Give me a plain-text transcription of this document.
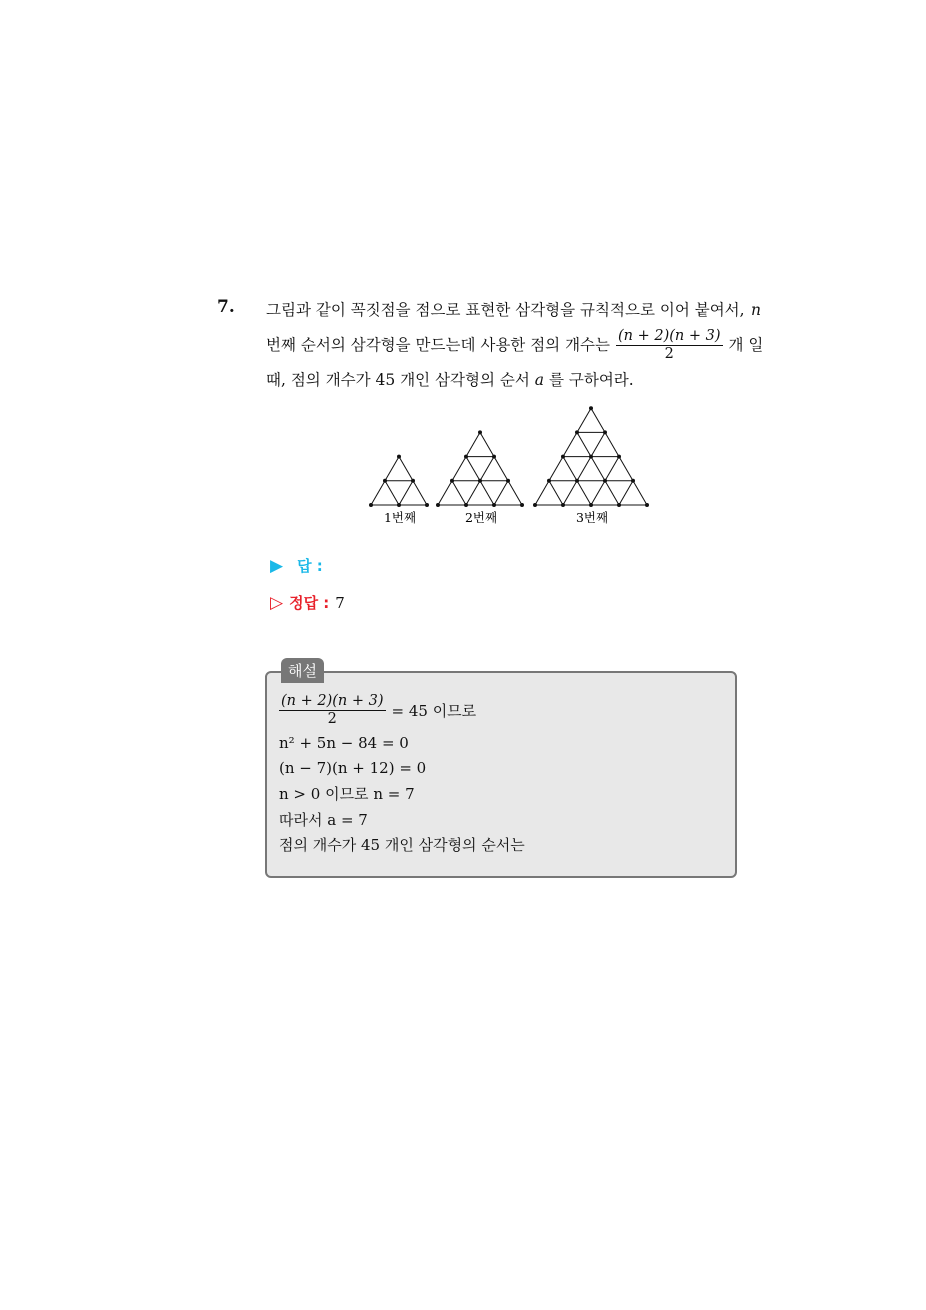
7. 그림과 같이 꼭짓점을 점으로 표현한 삼각형을 규칙적으로 이어 붙여서, n
번째 순서의 삼각형을 만드는데 사용한 점의 개수는 $\frac{(n + 2)(n + 3)}{2}$ 개 일
때, 점의 개수가 45 개인 삼각형의 순서
a
를 구하여라.
1번째	2번째	3번째
▶ 답 :
▷ 정답 : 7
해설
$\frac{(n + 2)(n + 3)}{2} = 45$ 이므로
n² + 5n − 84 = 0
(n − 7)(n + 12) = 0
n > 0 이므로 n = 7
따라서 a = 7
점의 개수가 45 개인 삼각형의 순서는
